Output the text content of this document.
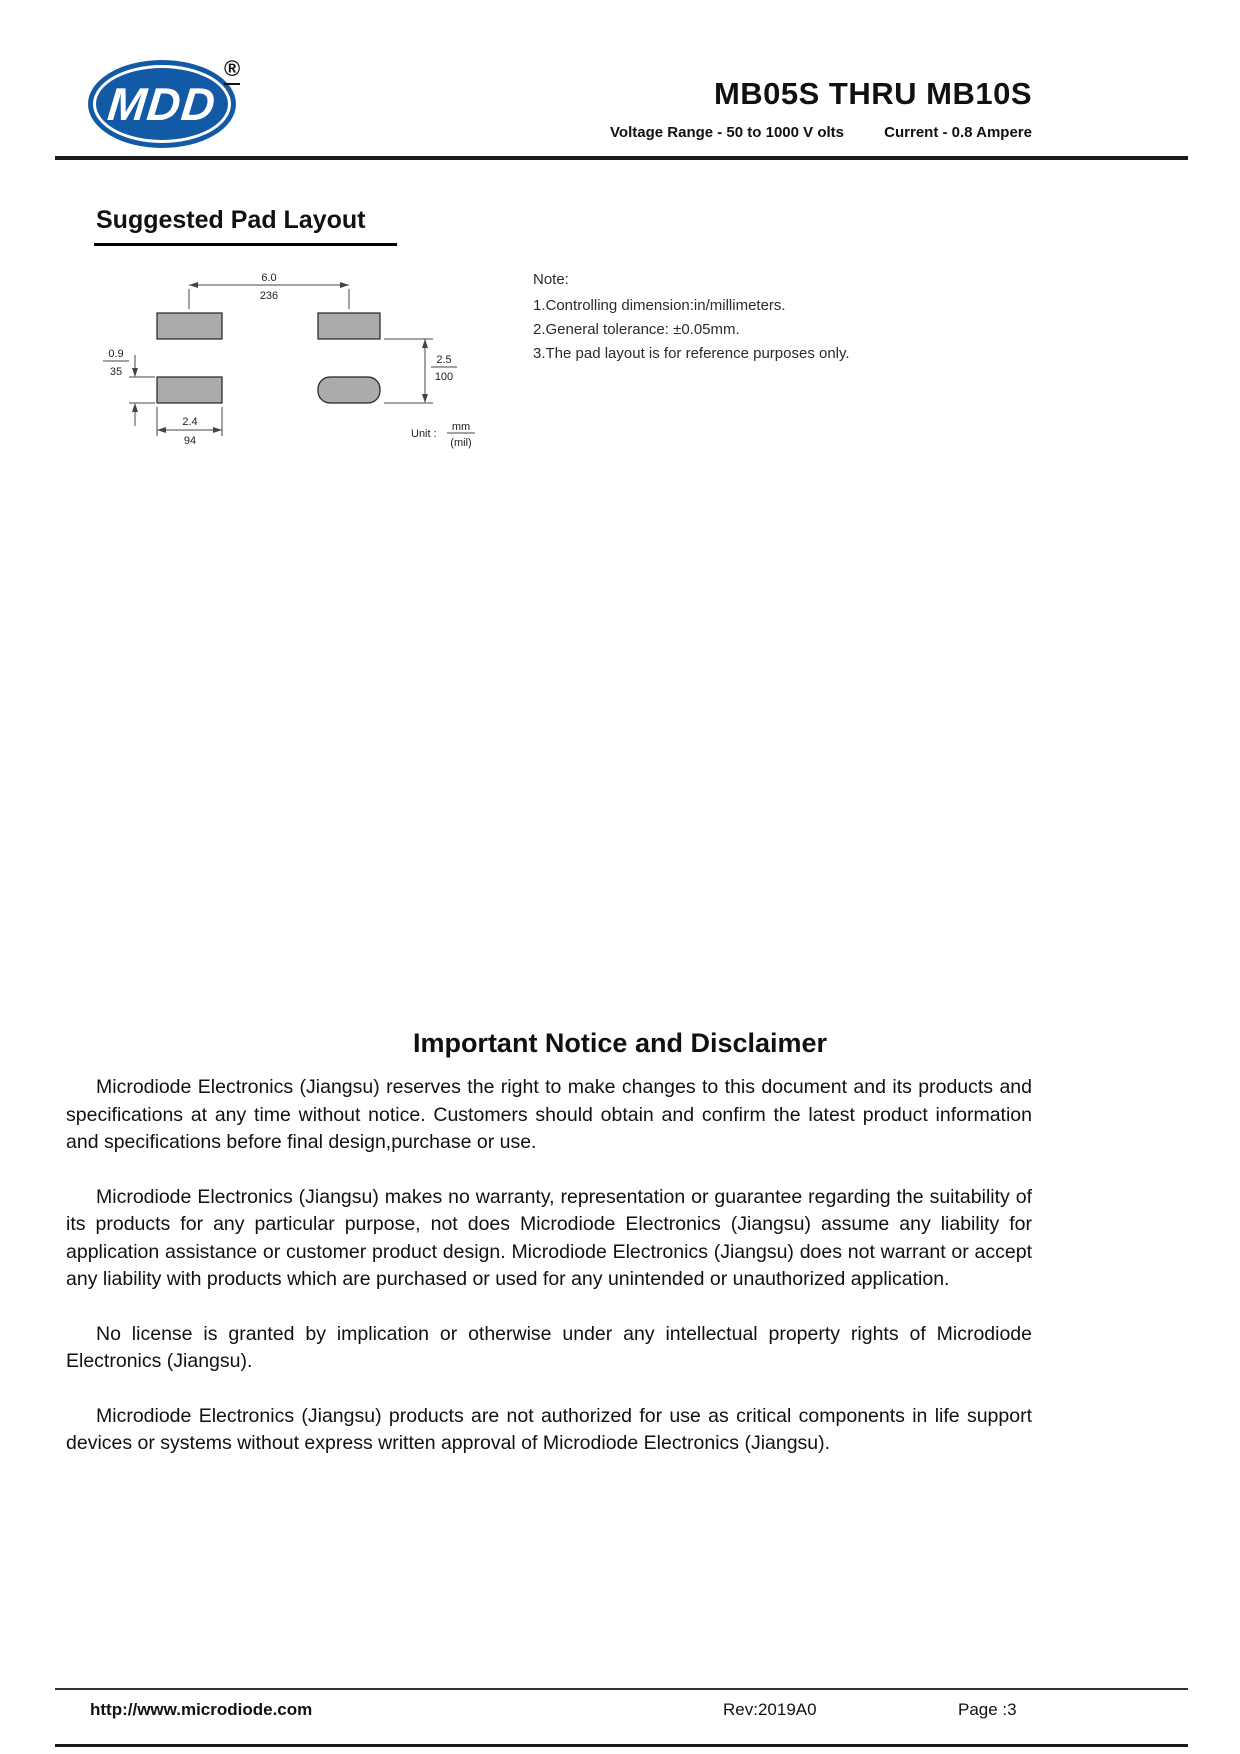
MDD
®
MB05S THRU MB10S
Voltage Range - 50 to 1000 V olts	Current - 0.8 Ampere
Suggested Pad Layout
6.0
236
2.5
100
0.9
35
2.4
94
Unit :
mm
(mil)
Note:
1.Controlling dimension:in/millimeters.
2.General tolerance: ±0.05mm.
3.The pad layout is for reference purposes only.
Important Notice and Disclaimer

Microdiode Electronics (Jiangsu) reserves the right to make changes to this document and its products and specifications at any time without notice. Customers should obtain and confirm the latest product information and specifications before final design,purchase or use.

Microdiode Electronics (Jiangsu) makes no warranty, representation or guarantee regarding the suitability of its products for any particular purpose, not does Microdiode Electronics (Jiangsu) assume any liability for application assistance or customer product design. Microdiode Electronics (Jiangsu) does not warrant or accept any liability with products which are purchased or used for any unintended or unauthorized application.

No license is granted by implication or otherwise under any intellectual property rights of Microdiode Electronics (Jiangsu).

Microdiode Electronics (Jiangsu) products are not authorized for use as critical components in life support devices or systems without express written approval of Microdiode Electronics (Jiangsu).

http://www.microdiode.com	Rev:2019A0	Page :3
